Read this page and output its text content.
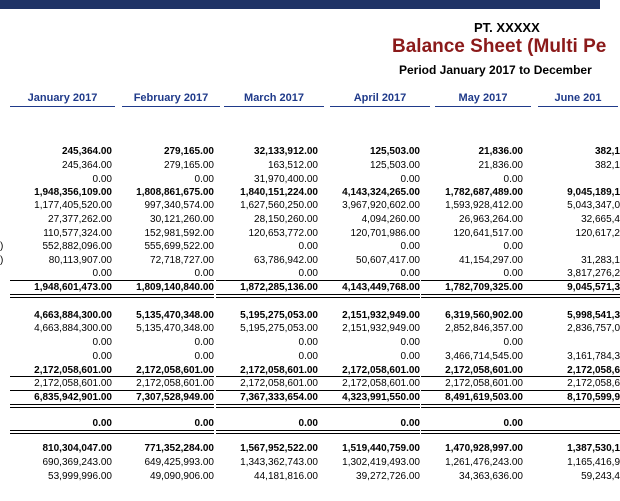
PT. XXXXX
Balance Sheet (Multi Pe
Period January 2017 to December
January 2017	February 2017	March 2017	April 2017	May 2017	June 201
)
)
245,364.00	279,165.00	32,133,912.00	125,503.00	21,836.00	382,1
245,364.00	279,165.00	163,512.00	125,503.00	21,836.00	382,1
0.00	0.00	31,970,400.00	0.00	0.00
1,948,356,109.00	1,808,861,675.00	1,840,151,224.00	4,143,324,265.00	1,782,687,489.00	9,045,189,1
1,177,405,520.00	997,340,574.00	1,627,560,250.00	3,967,920,602.00	1,593,928,412.00	5,043,347,0
27,377,262.00	30,121,260.00	28,150,260.00	4,094,260.00	26,963,264.00	32,665,4
110,577,324.00	152,981,592.00	120,653,772.00	120,701,986.00	120,641,517.00	120,617,2
552,882,096.00	555,699,522.00	0.00	0.00	0.00
80,113,907.00	72,718,727.00	63,786,942.00	50,607,417.00	41,154,297.00	31,283,1
0.00	0.00	0.00	0.00	0.00	3,817,276,2
1,948,601,473.00	1,809,140,840.00	1,872,285,136.00	4,143,449,768.00	1,782,709,325.00	9,045,571,3
4,663,884,300.00	5,135,470,348.00	5,195,275,053.00	2,151,932,949.00	6,319,560,902.00	5,998,541,3
4,663,884,300.00	5,135,470,348.00	5,195,275,053.00	2,151,932,949.00	2,852,846,357.00	2,836,757,0
0.00	0.00	0.00	0.00	0.00
0.00	0.00	0.00	0.00	3,466,714,545.00	3,161,784,3
2,172,058,601.00	2,172,058,601.00	2,172,058,601.00	2,172,058,601.00	2,172,058,601.00	2,172,058,6
2,172,058,601.00	2,172,058,601.00	2,172,058,601.00	2,172,058,601.00	2,172,058,601.00	2,172,058,6
6,835,942,901.00	7,307,528,949.00	7,367,333,654.00	4,323,991,550.00	8,491,619,503.00	8,170,599,9
0.00	0.00	0.00	0.00	0.00
810,304,047.00	771,352,284.00	1,567,952,522.00	1,519,440,759.00	1,470,928,997.00	1,387,530,1
690,369,243.00	649,425,993.00	1,343,362,743.00	1,302,419,493.00	1,261,476,243.00	1,165,416,9
53,999,996.00	49,090,906.00	44,181,816.00	39,272,726.00	34,363,636.00	59,243,4
